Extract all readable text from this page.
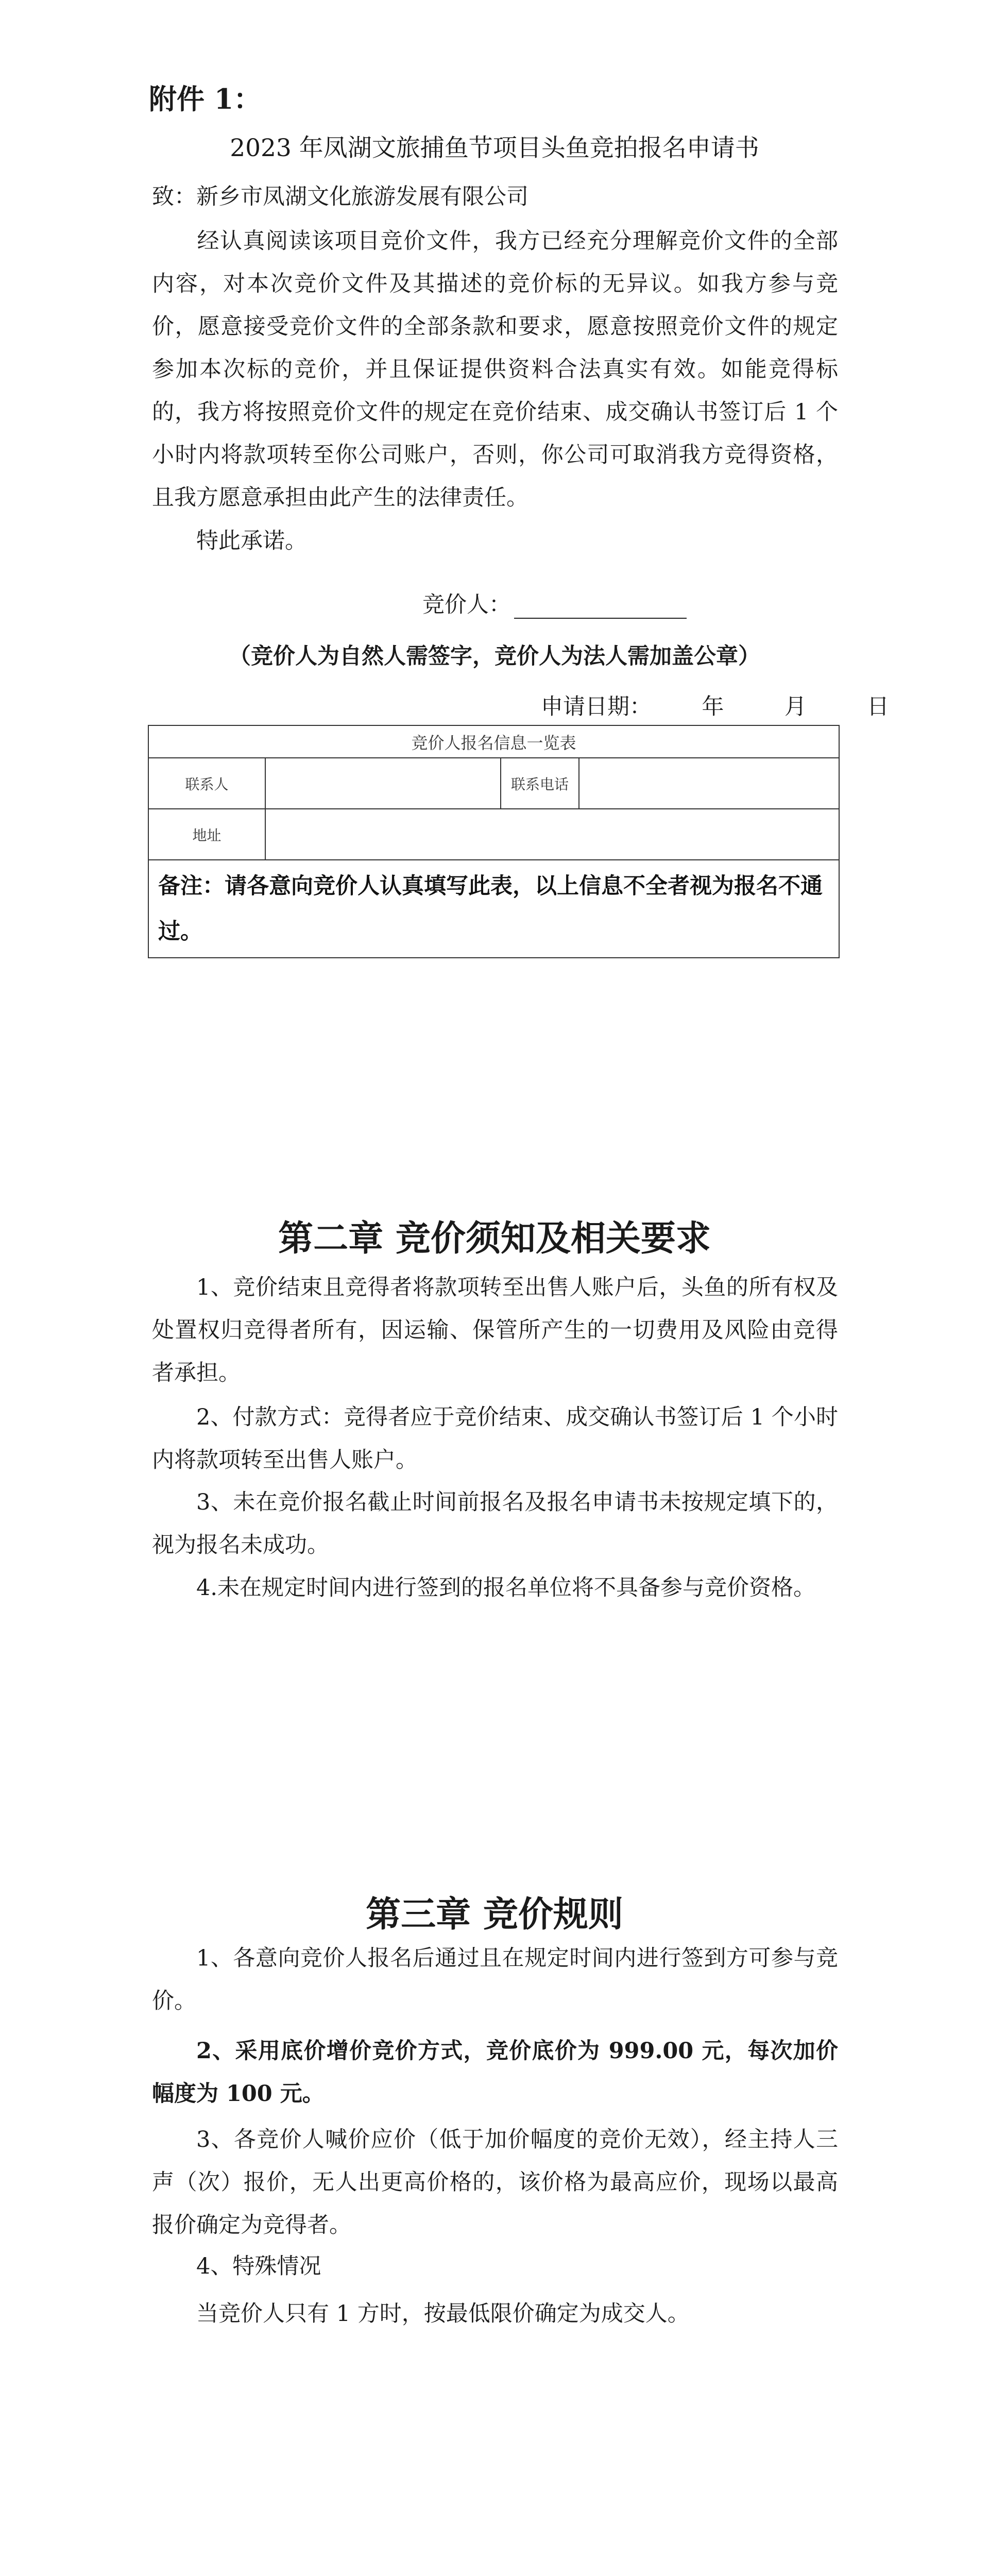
附件 1：
2023 年凤湖文旅捕鱼节项目头鱼竞拍报名申请书
致：新乡市凤湖文化旅游发展有限公司
经认真阅读该项目竞价文件，我方已经充分理解竞价文件的全部内容，对本次竞价文件及其描述的竞价标的无异议。如我方参与竞价，愿意接受竞价文件的全部条款和要求，愿意按照竞价文件的规定参加本次标的竞价，并且保证提供资料合法真实有效。如能竞得标的，我方将按照竞价文件的规定在竞价结束、成交确认书签订后 1 个小时内将款项转至你公司账户，否则，你公司可取消我方竞得资格，且我方愿意承担由此产生的法律责任。
特此承诺。
竞价人：
（竞价人为自然人需签字，竞价人为法人需加盖公章）
申请日期： 年	月	日
竞价人报名信息一览表			
联系人		联系电话	
地址			
备注：请各意向竞价人认真填写此表，以上信息不全者视为报名不通过。			
第二章 竞价须知及相关要求
1、竞价结束且竞得者将款项转至出售人账户后，头鱼的所有权及处置权归竞得者所有，因运输、保管所产生的一切费用及风险由竞得者承担。
2、付款方式：竞得者应于竞价结束、成交确认书签订后 1 个小时内将款项转至出售人账户。
3、未在竞价报名截止时间前报名及报名申请书未按规定填下的，视为报名未成功。
4.未在规定时间内进行签到的报名单位将不具备参与竞价资格。
第三章 竞价规则
1、各意向竞价人报名后通过且在规定时间内进行签到方可参与竞价。
2、采用底价增价竞价方式，竞价底价为 999.00 元，每次加价幅度为 100 元。
3、各竞价人喊价应价（低于加价幅度的竞价无效），经主持人三声（次）报价，无人出更高价格的，该价格为最高应价，现场以最高报价确定为竞得者。
4、特殊情况
当竞价人只有 1 方时，按最低限价确定为成交人。
